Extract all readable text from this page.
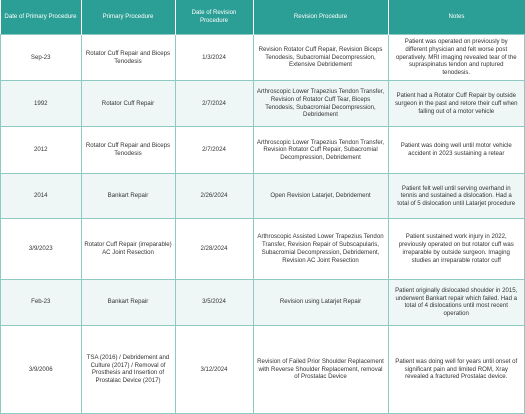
Date of Primary Procedure	Primary Procedure	Date of Revision Procedure	Revision Procedure	Notes
Sep-23	Rotator Cuff Repair and Biceps Tenodesis	1/3/2024	Revision Rotator Cuff Repair, Revision Biceps Tenodesis, Subacromial Decompression, Extensive Debridement	Patient was operated on previously by different physician and felt worse post operatively. MRI imaging revealed tear of the supraspinatus tendon and ruptured tenodesis.
1992	Rotator Cuff Repair	2/7/2024	Arthroscopic Lower Trapezius Tendon Transfer, Revision of Rotator Cuff Tear, Biceps Tenodesis, Subacromial Decompression, Debridement	Patient had a Rotator Cuff Repair by outside surgeon in the past and retore their cuff when falling out of a motor vehicle
2012	Rotator Cuff Repair and Biceps Tenodesis	2/7/2024	Arthroscopic Lower Trapezius Tendon Transfer, Revision Rotator Cuff Repair, Subacromial Decompression, Debridement	Patient was doing well until motor vehicle accident in 2023 sustaining a retear
2014	Bankart Repair	2/26/2024	Open Revision Latarjet, Debridement	Patient felt well until serving overhand in tennis and sustained a dislocation. Had a total of 5 dislocation until Latarjet procedure
3/9/2023	Rotator Cuff Repair (irreparable) AC Joint Resection	2/28/2024	Arthroscopic Assisted Lower Trapezius Tendon Transfer, Revision Repair of Subscapularis, Subacromial Decompression, Debridement, Revision AC Joint Resection	Patient sustained work injury in 2022, previously operated on but rotator cuff was irreparable by outside surgeon. Imaging studies an irreparable rotator cuff
Feb-23	Bankart Repair	3/5/2024	Revision using Latarjet Repair	Patient originally dislocated shoulder in 2015, underwent Bankart repair which failed. Had a total of 4 dislocations until most recent operation
3/9/2006	TSA (2016) / Debridement and Culture (2017) / Removal of Prosthesis and Insertion of Prostalac Device (2017)	3/12/2024	Revision of Failed Prior Shoulder Replacement with Reverse Shoulder Replacement, removal of Prostalac Device	Patient was doing well for years until onset of significant pain and limited ROM, Xray revealed a fractured Prostalac device.
